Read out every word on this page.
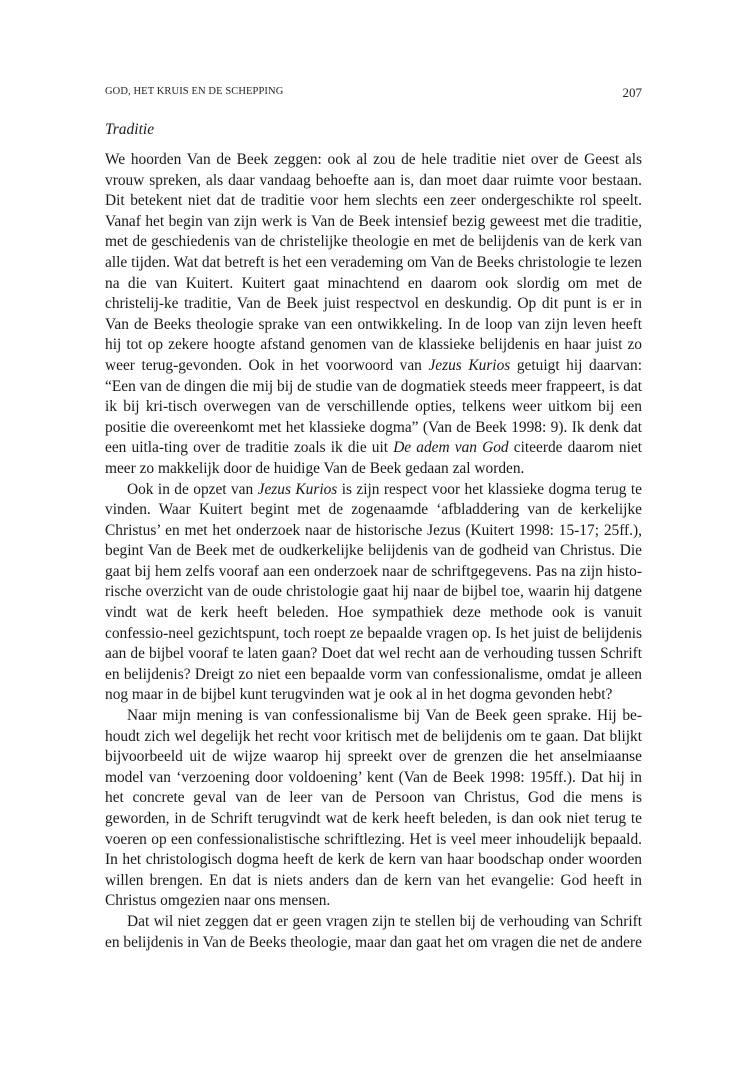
GOD, HET KRUIS EN DE SCHEPPING	207
Traditie

We hoorden Van de Beek zeggen: ook al zou de hele traditie niet over de Geest als vrouw spreken, als daar vandaag behoefte aan is, dan moet daar ruimte voor bestaan. Dit betekent niet dat de traditie voor hem slechts een zeer ondergeschikte rol speelt. Vanaf het begin van zijn werk is Van de Beek intensief bezig geweest met die traditie, met de geschiedenis van de christelijke theologie en met de belijdenis van de kerk van alle tijden. Wat dat betreft is het een verademing om Van de Beeks christologie te lezen na die van Kuitert. Kuitert gaat minachtend en daarom ook slordig om met de christelij-ke traditie, Van de Beek juist respectvol en deskundig. Op dit punt is er in Van de Beeks theologie sprake van een ontwikkeling. In de loop van zijn leven heeft hij tot op zekere hoogte afstand genomen van de klassieke belijdenis en haar juist zo weer terug-gevonden. Ook in het voorwoord van Jezus Kurios getuigt hij daarvan: “Een van de dingen die mij bij de studie van de dogmatiek steeds meer frappeert, is dat ik bij kri-tisch overwegen van de verschillende opties, telkens weer uitkom bij een positie die overeenkomt met het klassieke dogma” (Van de Beek 1998: 9). Ik denk dat een uitla-ting over de traditie zoals ik die uit De adem van God citeerde daarom niet meer zo makkelijk door de huidige Van de Beek gedaan zal worden.

Ook in de opzet van Jezus Kurios is zijn respect voor het klassieke dogma terug te vinden. Waar Kuitert begint met de zogenaamde ‘afbladdering van de kerkelijke Christus’ en met het onderzoek naar de historische Jezus (Kuitert 1998: 15-17; 25ff.), begint Van de Beek met de oudkerkelijke belijdenis van de godheid van Christus. Die gaat bij hem zelfs vooraf aan een onderzoek naar de schriftgegevens. Pas na zijn histo-rische overzicht van de oude christologie gaat hij naar de bijbel toe, waarin hij datgene vindt wat de kerk heeft beleden. Hoe sympathiek deze methode ook is vanuit confessio-neel gezichtspunt, toch roept ze bepaalde vragen op. Is het juist de belijdenis aan de bijbel vooraf te laten gaan? Doet dat wel recht aan de verhouding tussen Schrift en belijdenis? Dreigt zo niet een bepaalde vorm van confessionalisme, omdat je alleen nog maar in de bijbel kunt terugvinden wat je ook al in het dogma gevonden hebt?

Naar mijn mening is van confessionalisme bij Van de Beek geen sprake. Hij be-houdt zich wel degelijk het recht voor kritisch met de belijdenis om te gaan. Dat blijkt bijvoorbeeld uit de wijze waarop hij spreekt over de grenzen die het anselmiaanse model van ‘verzoening door voldoening’ kent (Van de Beek 1998: 195ff.). Dat hij in het concrete geval van de leer van de Persoon van Christus, God die mens is geworden, in de Schrift terugvindt wat de kerk heeft beleden, is dan ook niet terug te voeren op een confessionalistische schriftlezing. Het is veel meer inhoudelijk bepaald. In het christologisch dogma heeft de kerk de kern van haar boodschap onder woorden willen brengen. En dat is niets anders dan de kern van het evangelie: God heeft in Christus omgezien naar ons mensen.

Dat wil niet zeggen dat er geen vragen zijn te stellen bij de verhouding van Schrift en belijdenis in Van de Beeks theologie, maar dan gaat het om vragen die net de andere
